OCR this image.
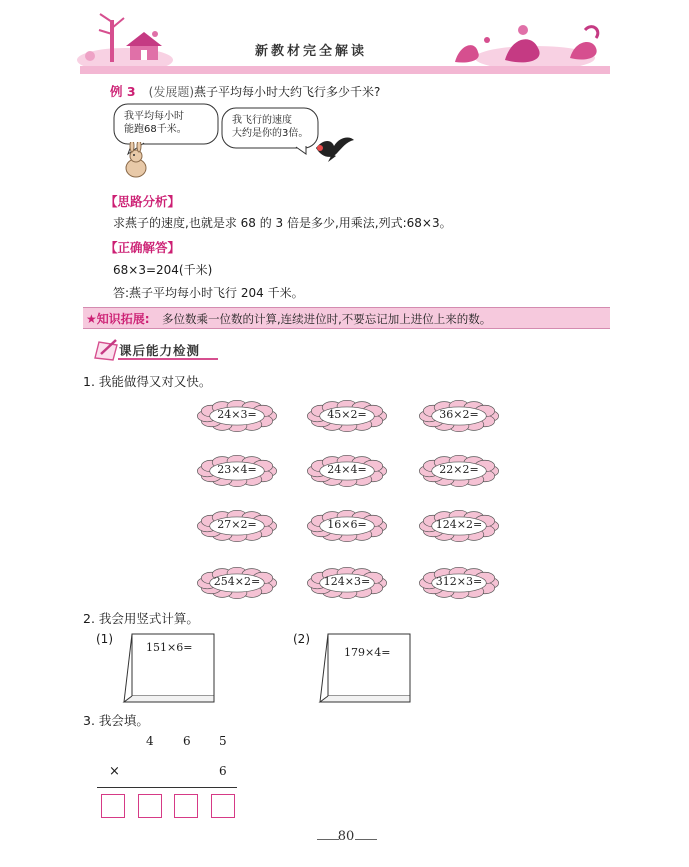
新教材完全解读
例 3 (发展题)燕子平均每小时大约飞行多少千米?
我平均每小时
能跑68千米。
我飞行的速度
大约是你的3倍。
【思路分析】
求燕子的速度,也就是求 68 的 3 倍是多少,用乘法,列式:68×3。
【正确解答】
68×3=204(千米)
答:燕子平均每小时飞行 204 千米。
★知识拓展: 多位数乘一位数的计算,连续进位时,不要忘记加上进位上来的数。
课后能力检测
1. 我能做得又对又快。
24×3=	45×2=	36×2=
23×4=	24×4=	22×2=
27×2=	16×6=	124×2=
254×2=	124×3=	312×3=
2. 我会用竖式计算。
(1)
151×6=
(2)
179×4=
3. 我会填。
4 6 5
×	6
80
